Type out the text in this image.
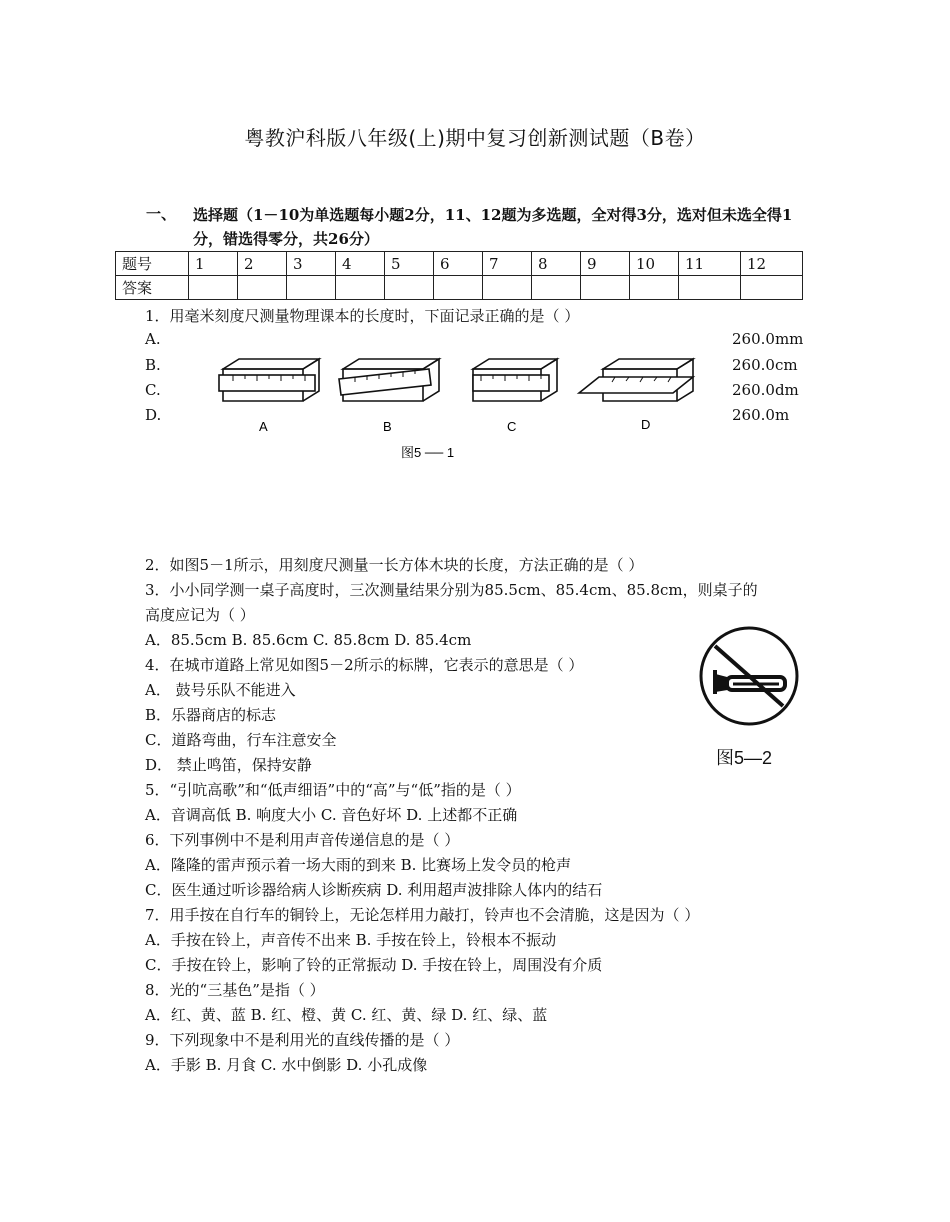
粤教沪科版八年级(上)期中复习创新测试题（B卷）
一、 选择题（1－10为单选题每小题2分，11、12题为多选题，全对得3分，选对但未选全得1分，错选得零分，共26分）
题号	1	2	3	4	5	6	7	8	9	10	11	12
答案												
1．用毫米刻度尺测量物理课本的长度时，下面记录正确的是（ ）
A.
B.
C.
D.
260.0mm
260.0cm
260.0dm
260.0m
A	B	C	D
图5 ── 1
2．如图5－1所示，用刻度尺测量一长方体木块的长度，方法正确的是（ ）
3．小小同学测一桌子高度时，三次测量结果分别为85.5cm、85.4cm、85.8cm，则桌子的
高度应记为（ ）
A．85.5cm B. 85.6cm C. 85.8cm D. 85.4cm
4．在城市道路上常见如图5－2所示的标牌，它表示的意思是（ ）
A． 鼓号乐队不能进入
B．乐器商店的标志
C．道路弯曲，行车注意安全
D． 禁止鸣笛，保持安静
5．“引吭高歌”和“低声细语”中的“高”与“低”指的是（ ）
A．音调高低 B. 响度大小 C. 音色好坏 D. 上述都不正确
6．下列事例中不是利用声音传递信息的是（ ）
A．隆隆的雷声预示着一场大雨的到来 B. 比赛场上发令员的枪声
C．医生通过听诊器给病人诊断疾病 D. 利用超声波排除人体内的结石
7．用手按在自行车的铜铃上，无论怎样用力敲打，铃声也不会清脆，这是因为（ ）
A．手按在铃上，声音传不出来 B. 手按在铃上，铃根本不振动
C．手按在铃上，影响了铃的正常振动 D. 手按在铃上，周围没有介质
8．光的“三基色”是指（ ）
A．红、黄、蓝 B. 红、橙、黄 C. 红、黄、绿 D. 红、绿、蓝
9．下列现象中不是利用光的直线传播的是（ ）
A．手影 B. 月食 C. 水中倒影 D. 小孔成像
图5—2
